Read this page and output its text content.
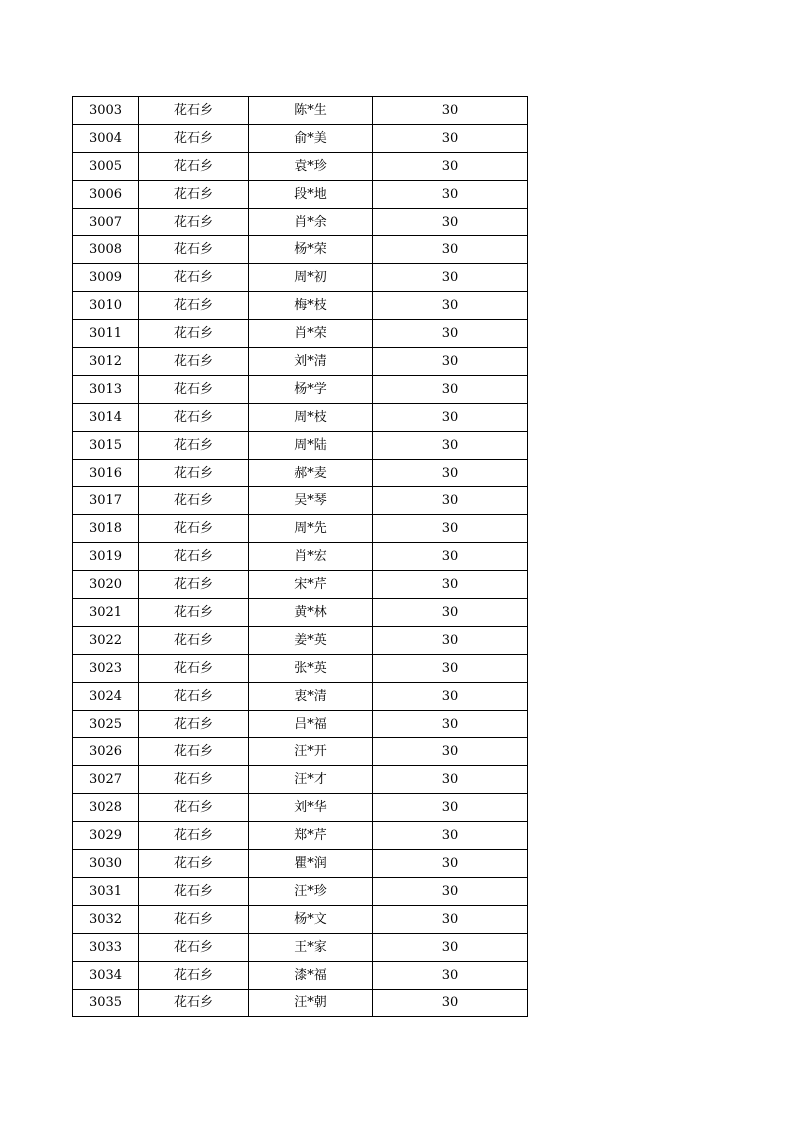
3003	花石乡	陈*生	30
3004	花石乡	俞*美	30
3005	花石乡	袁*珍	30
3006	花石乡	段*地	30
3007	花石乡	肖*余	30
3008	花石乡	杨*荣	30
3009	花石乡	周*初	30
3010	花石乡	梅*枝	30
3011	花石乡	肖*荣	30
3012	花石乡	刘*清	30
3013	花石乡	杨*学	30
3014	花石乡	周*枝	30
3015	花石乡	周*陆	30
3016	花石乡	郝*麦	30
3017	花石乡	吴*琴	30
3018	花石乡	周*先	30
3019	花石乡	肖*宏	30
3020	花石乡	宋*芹	30
3021	花石乡	黄*林	30
3022	花石乡	姜*英	30
3023	花石乡	张*英	30
3024	花石乡	衷*清	30
3025	花石乡	吕*福	30
3026	花石乡	汪*开	30
3027	花石乡	汪*才	30
3028	花石乡	刘*华	30
3029	花石乡	郑*芹	30
3030	花石乡	瞿*润	30
3031	花石乡	汪*珍	30
3032	花石乡	杨*文	30
3033	花石乡	王*家	30
3034	花石乡	漆*福	30
3035	花石乡	汪*朝	30
